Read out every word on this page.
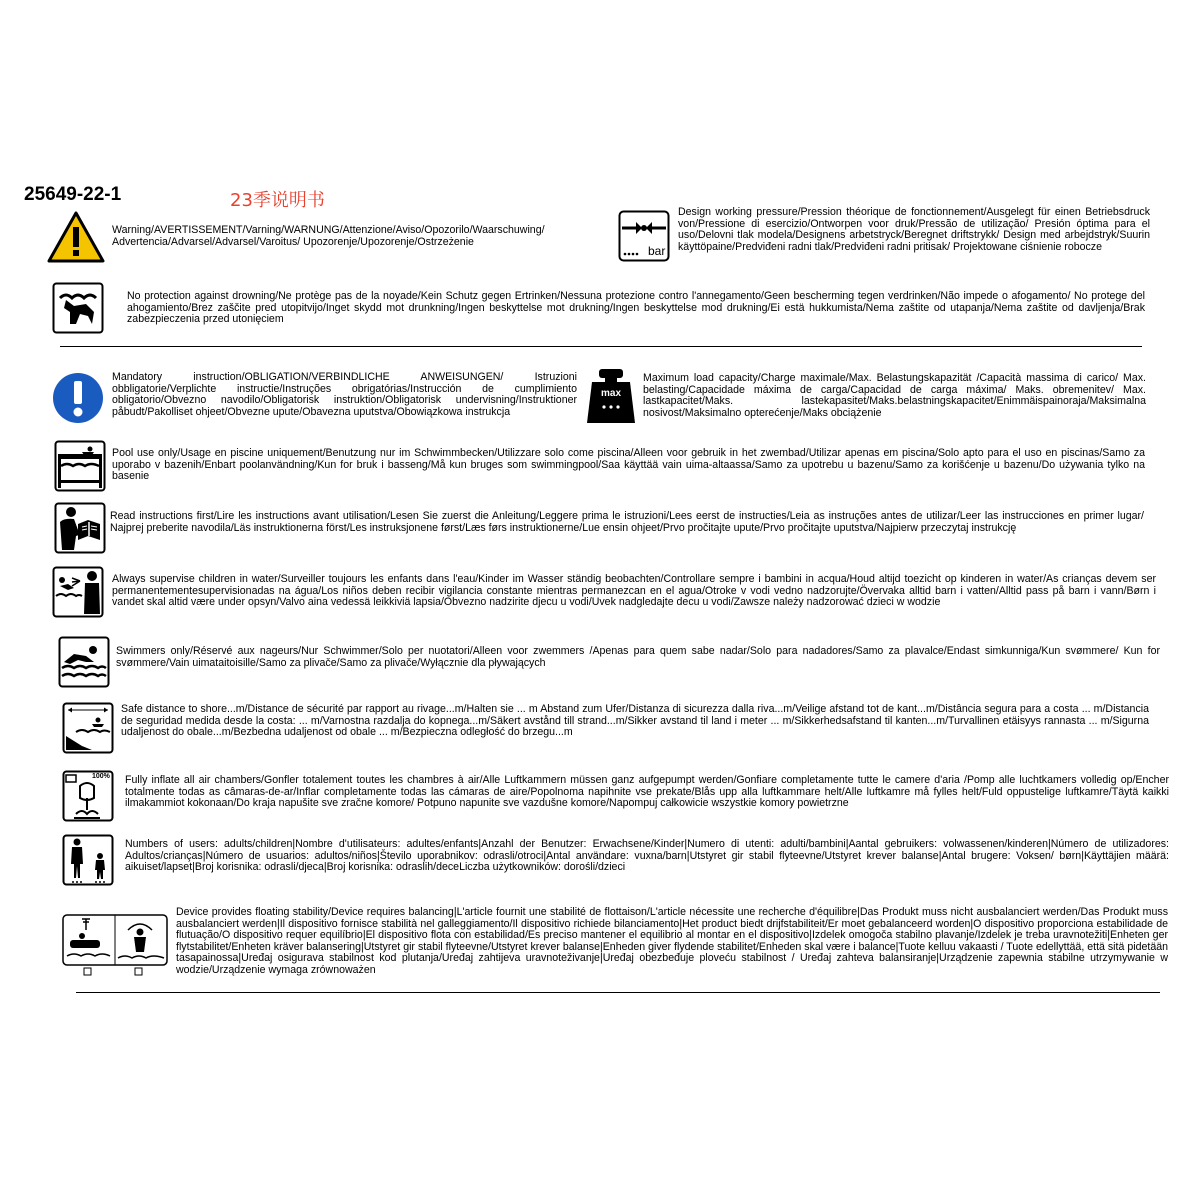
25649-22-1	23季说明书
Warning/AVERTISSEMENT/Varning/WARNUNG/Attenzione/Aviso/Opozorilo/Waarschuwing/ Advertencia/Advarsel/Advarsel/Varoitus/ Upozorenje/Upozorenje/Ostrzeżenie
bar
Design working pressure/Pression théorique de fonctionnement/Ausgelegt für einen Betriebsdruck von/Pressione di esercizio/Ontworpen voor druk/Pressão de utilização/ Presión óptima para el uso/Delovni tlak modela/Designens arbetstryck/Beregnet driftstrykk/ Design med arbejdstryk/Suurin käyttöpaine/Predviđeni radni tlak/Predviđeni radni pritisak/ Projektowane ciśnienie robocze
No protection against drowning/Ne protège pas de la noyade/Kein Schutz gegen Ertrinken/Nessuna protezione contro l'annegamento/Geen bescherming tegen verdrinken/Não impede o afogamento/ No protege del ahogamiento/Brez zaščite pred utopitvijo/Inget skydd mot drunkning/Ingen beskyttelse mot drukning/Ingen beskyttelse mod drukning/Ei estä hukkumista/Nema zaštite od utapanja/Nema zaštite od davljenja/Brak zabezpieczenia przed utonięciem
Mandatory instruction/OBLIGATION/VERBINDLICHE ANWEISUNGEN/ Istruzioni obbligatorie/Verplichte instructie/Instruções obrigatórias/Instrucción de cumplimiento obligatorio/Obvezno navodilo/Obligatorisk instruktion/Obligatorisk undervisning/Instruktioner påbudt/Pakolliset ohjeet/Obvezne upute/Obavezna uputstva/Obowiązkowa instrukcja
max
Maximum load capacity/Charge maximale/Max. Belastungskapazität /Capacità massima di carico/ Max. belasting/Capacidade máxima de carga/Capacidad de carga máxima/ Maks. obremenitev/ Max. lastkapacitet/Maks. lastekapasitet/Maks.belastningskapacitet/Enimmäispainoraja/Maksimalna nosivost/Maksimalno opterećenje/Maks obciążenie
Pool use only/Usage en piscine uniquement/Benutzung nur im Schwimmbecken/Utilizzare solo come piscina/Alleen voor gebruik in het zwembad/Utilizar apenas em piscina/Solo apto para el uso en piscinas/Samo za uporabo v bazenih/Enbart poolanvändning/Kun for bruk i basseng/Må kun bruges som swimmingpool/Saa käyttää vain uima-altaassa/Samo za upotrebu u bazenu/Samo za korišćenje u bazenu/Do używania tylko na basenie
Read instructions first/Lire les instructions avant utilisation/Lesen Sie zuerst die Anleitung/Leggere prima le istruzioni/Lees eerst de instructies/Leia as instruções antes de utilizar/Leer las instrucciones en primer lugar/ Najprej preberite navodila/Läs instruktionerna först/Les instruksjonene først/Læs førs instruktionerne/Lue ensin ohjeet/Prvo pročitajte upute/Prvo pročitajte uputstva/Najpierw przeczytaj instrukcję
Always supervise children in water/Surveiller toujours les enfants dans l'eau/Kinder im Wasser ständig beobachten/Controllare sempre i bambini in acqua/Houd altijd toezicht op kinderen in water/As crianças devem ser permanentementesupervisionadas na água/Los niños deben recibir vigilancia constante mientras permanezcan en el agua/Otroke v vodi vedno nadzorujte/Övervaka alltid barn i vatten/Alltid pass på barn i vann/Børn i vandet skal altid være under opsyn/Valvo aina vedessä leikkiviä lapsia/Obvezno nadzirite djecu u vodi/Uvek nadgledajte decu u vodi/Zawsze należy nadzorować dzieci w wodzie
Swimmers only/Réservé aux nageurs/Nur Schwimmer/Solo per nuotatori/Alleen voor zwemmers /Apenas para quem sabe nadar/Solo para nadadores/Samo za plavalce/Endast simkunniga/Kun svømmere/ Kun for svømmere/Vain uimataitoisille/Samo za plivače/Samo za plivače/Wyłącznie dla pływających
Safe distance to shore...m/Distance de sécurité par rapport au rivage...m/Halten sie ... m Abstand zum Ufer/Distanza di sicurezza dalla riva...m/Veilige afstand tot de kant...m/Distância segura para a costa ... m/Distancia de seguridad medida desde la costa: ... m/Varnostna razdalja do kopnega...m/Säkert avstånd till strand...m/Sikker avstand til land i meter ... m/Sikkerhedsafstand til kanten...m/Turvallinen etäisyys rannasta ... m/Sigurna udaljenost do obale...m/Bezbedna udaljenost od obale ... m/Bezpieczna odległość do brzegu...m
100% Fully inflate all air chambers/Gonfler totalement toutes les chambres à air/Alle Luftkammern müssen ganz aufgepumpt werden/Gonfiare completamente tutte le camere d'aria /Pomp alle luchtkamers volledig op/Encher totalmente todas as câmaras-de-ar/Inflar completamente todas las cámaras de aire/Popolnoma napihnite vse prekate/Blås upp alla luftkammare helt/Alle luftkamre må fylles helt/Fuld oppustelige luftkamre/Täytä kaikki ilmakammiot kokonaan/Do kraja napušite sve zračne komore/ Potpuno napunite sve vazdušne komore/Napompuj całkowicie wszystkie komory powietrzne
Numbers of users: adults/children|Nombre d'utilisateurs: adultes/enfants|Anzahl der Benutzer: Erwachsene/Kinder|Numero di utenti: adulti/bambini|Aantal gebruikers: volwassenen/kinderen|Número de utilizadores: Adultos/crianças|Número de usuarios: adultos/niños|Število uporabnikov: odrasli/otroci|Antal användare: vuxna/barn|Utstyret gir stabil flyteevne/Utstyret krever balanse|Antal brugere: Voksen/ børn|Käyttäjien määrä: aikuiset/lapset|Broj korisnika: odrasli/djeca|Broj korisnika: odraslih/deceLiczba użytkowników: dorośli/dzieci
Device provides floating stability/Device requires balancing|L'article fournit une stabilité de flottaison/L'article nécessite une recherche d'équilibre|Das Produkt muss nicht ausbalanciert werden/Das Produkt muss ausbalanciert werden|Il dispositivo fornisce stabilità nel galleggiamento/Il dispositivo richiede bilanciamento|Het product biedt drijfstabiliteit/Er moet gebalanceerd worden|O dispositivo proporciona estabilidade de flutuação/O dispositivo requer equilíbrio|El dispositivo flota con estabilidad/Es preciso mantener el equilibrio al montar en el dispositivo|Izdelek omogoča stabilno plavanje/Izdelek je treba uravnotežiti|Enheten ger flytstabilitet/Enheten kräver balansering|Utstyret gir stabil flyteevne/Utstyret krever balanse|Enheden giver flydende stabilitet/Enheden skal være i balance|Tuote kelluu vakaasti / Tuote edellyttää, että sitä pidetään tasapainossa|Uređaj osigurava stabilnost kod plutanja/Uređaj zahtijeva uravnoteživanje|Uređaj obezbeđuje plovеću stabilnost / Uređaj zahteva balansiranje|Urządzenie zapewnia stabilne utrzymywanie w wodzie/Urządzenie wymaga zrównoważen
